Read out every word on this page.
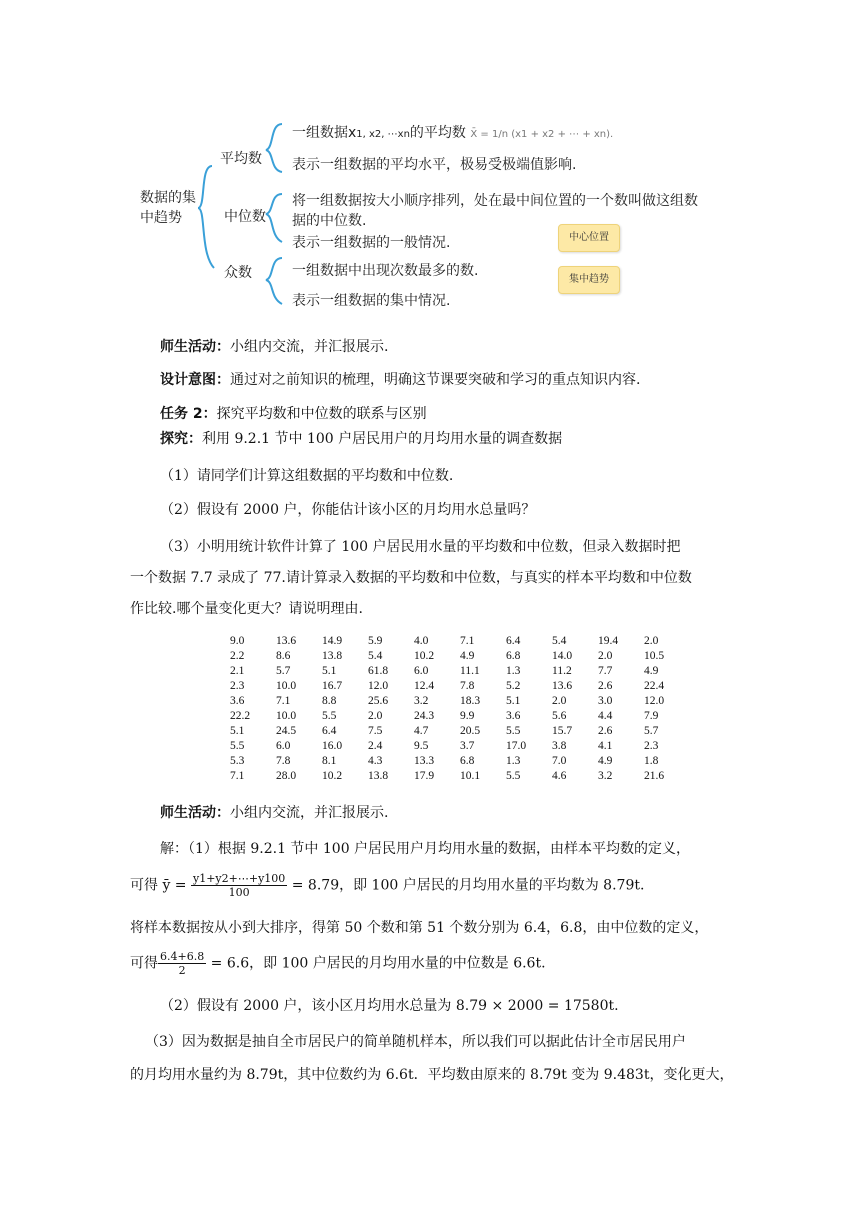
数据的集中趋势
平均数
一组数据x1, x2, ⋯xn的平均数 X̄ = 1/n (x1 + x2 + ⋯ + xn).
表示一组数据的平均水平，极易受极端值影响.
中位数
将一组数据按大小顺序排列，处在最中间位置的一个数叫做这组数
据的中位数.
表示一组数据的一般情况.
众数	一组数据中出现次数最多的数.
表示一组数据的集中情况.
中心位置
集中趋势
师生活动：小组内交流，并汇报展示.
设计意图：通过对之前知识的梳理，明确这节课要突破和学习的重点知识内容.
任务 2：探究平均数和中位数的联系与区别
探究：利用 9.2.1 节中 100 户居民用户的月均用水量的调查数据
（1）请同学们计算这组数据的平均数和中位数.
（2）假设有 2000 户，你能估计该小区的月均用水总量吗？
（3）小明用统计软件计算了 100 户居民用水量的平均数和中位数，但录入数据时把
一个数据 7.7 录成了 77.请计算录入数据的平均数和中位数，与真实的样本平均数和中位数
作比较.哪个量变化更大？请说明理由.
9.0	13.6	14.9	5.9	4.0	7.1	6.4	5.4	19.4	2.0
2.2	8.6	13.8	5.4	10.2	4.9	6.8	14.0	2.0	10.5
2.1	5.7	5.1	61.8	6.0	11.1	1.3	11.2	7.7	4.9
2.3	10.0	16.7	12.0	12.4	7.8	5.2	13.6	2.6	22.4
3.6	7.1	8.8	25.6	3.2	18.3	5.1	2.0	3.0	12.0
22.2	10.0	5.5	2.0	24.3	9.9	3.6	5.6	4.4	7.9
5.1	24.5	6.4	7.5	4.7	20.5	5.5	15.7	2.6	5.7
5.5	6.0	16.0	2.4	9.5	3.7	17.0	3.8	4.1	2.3
5.3	7.8	8.1	4.3	13.3	6.8	1.3	7.0	4.9	1.8
7.1	28.0	10.2	13.8	17.9	10.1	5.5	4.6	3.2	21.6
师生活动：小组内交流，并汇报展示.
解：（1）根据 9.2.1 节中 100 户居民用户月均用水量的数据，由样本平均数的定义，
可得 ȳ = $\frac{y1+y2+\cdots+y100}{100} = 8.79$，即 100 户居民的月均用水量的平均数为 8.79t.
将样本数据按从小到大排序，得第 50 个数和第 51 个数分别为 6.4，6.8，由中位数的定义，
可得 $\frac{6.4+6.8}{2} = 6.6$，即 100 户居民的月均用水量的中位数是 6.6t.
（2）假设有 2000 户，该小区月均用水总量为 8.79 × 2000 = 17580t.
（3）因为数据是抽自全市居民户的简单随机样本，所以我们可以据此估计全市居民用户
的月均用水量约为 8.79t，其中位数约为 6.6t．平均数由原来的 8.79t 变为 9.483t，变化更大，
